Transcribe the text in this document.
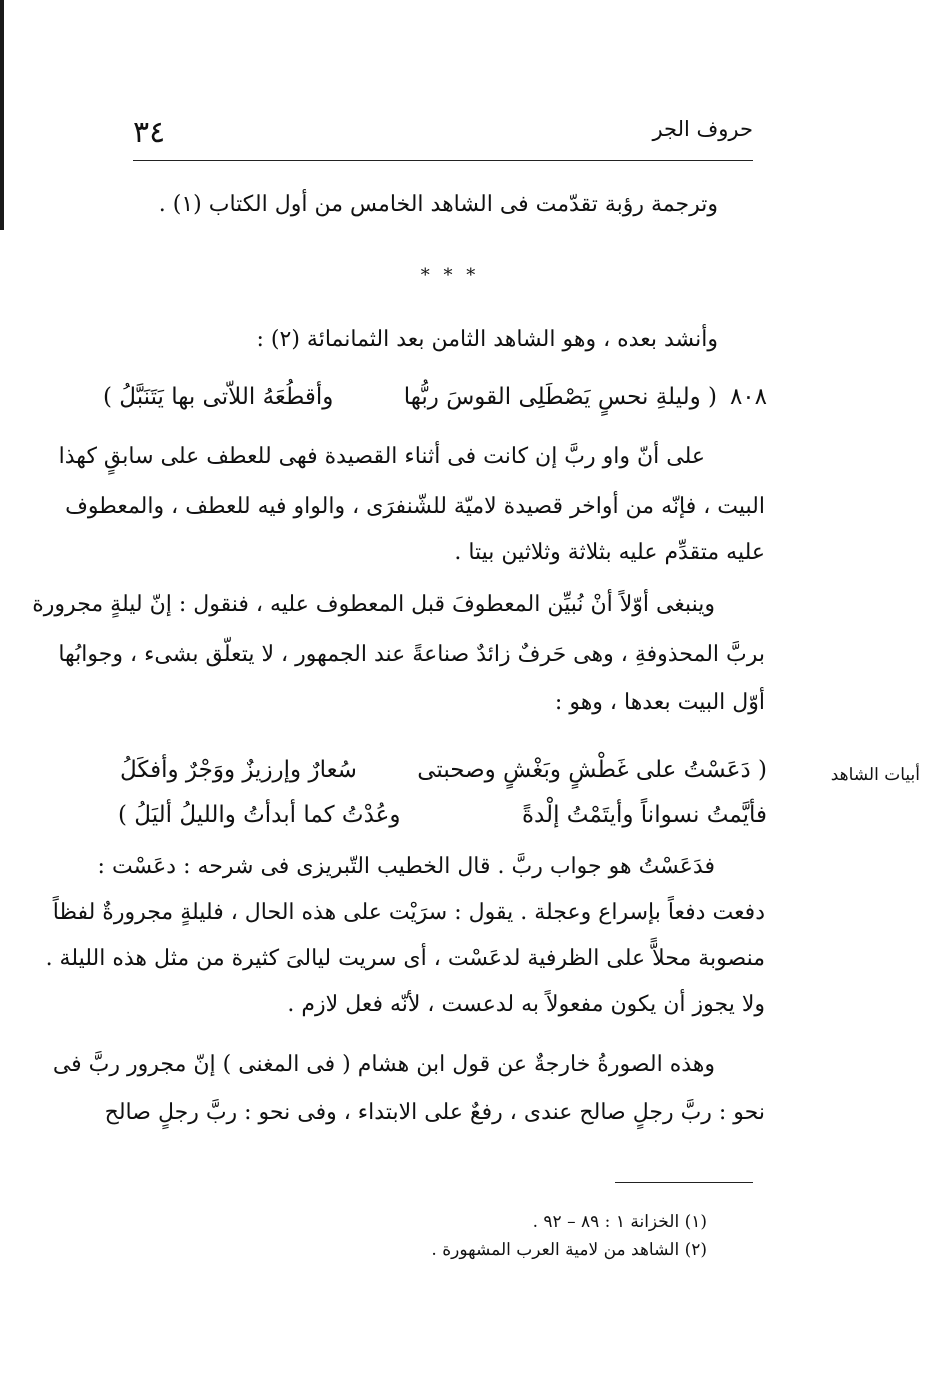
٣٤	حروف الجر
وترجمة رؤبة تقدّمت فى الشاهد الخامس من أول الكتاب (١) .
* * *
وأنشد بعده ، وهو الشاهد الثامن بعد الثمانمائة (٢) :
٨٠٨
( وليلةِ نحسٍ يَصْطَلِى القوسَ ربُّها
وأقطُعَهُ اللاّتى بها يَتَنَبَّلُ )
على أنّ واو ربَّ إن كانت فى أثناء القصيدة فهى للعطف على سابقٍ كهذا
البيت ، فإنّه من أواخر قصيدة لاميّة للشّنفرَى ، والواو فيه للعطف ، والمعطوف
عليه متقدِّم عليه بثلاثة وثلاثين بيتا .
وينبغى أوّلاً أنْ نُبيِّن المعطوفَ قبل المعطوف عليه ، فنقول : إنّ ليلةٍ مجرورة
بربَّ المحذوفةِ ، وهى حَرفٌ زائدٌ صناعةً عند الجمهور ، لا يتعلّق بشىء ، وجوابُها
أوّل البيت بعدها ، وهو :
أبيات الشاهد
( دَعَسْتُ على غَطْشٍ وبَغْشٍ وصحبتى
سُعارٌ وإرزيزٌ ووَجْرٌ وأفكَلُ
فأيَّمتُ نسواناً وأيتَمْتُ إلْدةً
وعُدْتُ كما أبدأتُ والليلُ أليَلُ )
فدَعَسْتُ هو جواب ربَّ . قال الخطيب التّبريزى فى شرحه : دعَسْت :
دفعت دفعاً بإسراع وعجلة . يقول : سرَيْت على هذه الحال ، فليلةٍ مجرورةٌ لفظاً
منصوبة محلاًّ على الظرفية لدعَسْت ، أى سريت ليالىَ كثيرة من مثل هذه الليلة .
ولا يجوز أن يكون مفعولاً به لدعست ، لأنّه فعل لازم .
وهذه الصورةُ خارجةٌ عن قول ابن هشام ( فى المغنى ) إنّ مجرور ربَّ فى
نحو : ربَّ رجلٍ صالح عندى ، رفعٌ على الابتداء ، وفى نحو : ربَّ رجلٍ صالح
(١) الخزانة ١ : ٨٩ – ٩٢ .
(٢) الشاهد من لامية العرب المشهورة .
